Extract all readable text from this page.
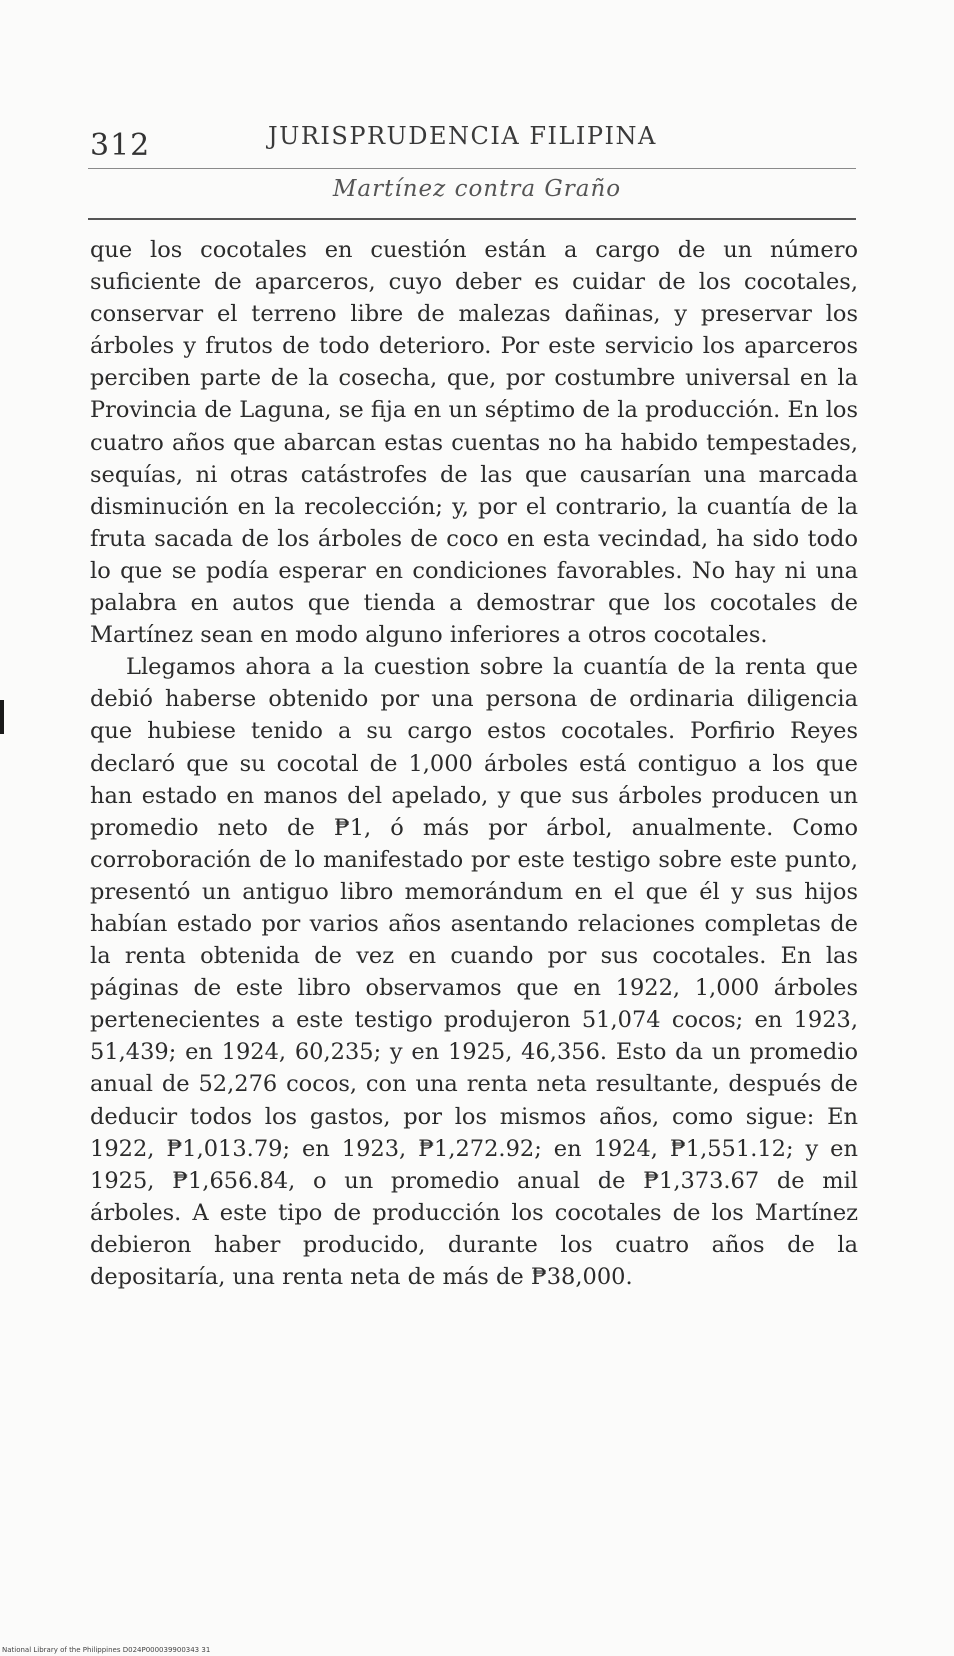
312	JURISPRUDENCIA FILIPINA
Martínez contra Graño

que los cocotales en cuestión están a cargo de un número suficiente de aparceros, cuyo deber es cuidar de los cocotales, conservar el terreno libre de malezas dañinas, y preservar los árboles y frutos de todo deterioro. Por este servicio los aparceros perciben parte de la cosecha, que, por costumbre universal en la Provincia de Laguna, se fija en un séptimo de la producción. En los cuatro años que abarcan estas cuentas no ha habido tempestades, sequías, ni otras catástrofes de las que causarían una marcada disminución en la recolección; y, por el contrario, la cuantía de la fruta sacada de los árboles de coco en esta vecindad, ha sido todo lo que se podía esperar en condiciones favorables. No hay ni una palabra en autos que tienda a demostrar que los cocotales de Martínez sean en modo alguno inferiores a otros cocotales.

Llegamos ahora a la cuestion sobre la cuantía de la renta que debió haberse obtenido por una persona de ordinaria diligencia que hubiese tenido a su cargo estos cocotales. Porfirio Reyes declaró que su cocotal de 1,000 árboles está contiguo a los que han estado en manos del apelado, y que sus árboles producen un promedio neto de ₱1, ó más por árbol, anualmente. Como corroboración de lo manifestado por este testigo sobre este punto, presentó un antiguo libro memorándum en el que él y sus hijos habían estado por varios años asentando relaciones completas de la renta obtenida de vez en cuando por sus cocotales. En las páginas de este libro observamos que en 1922, 1,000 árboles pertenecientes a este testigo produjeron 51,074 cocos; en 1923, 51,439; en 1924, 60,235; y en 1925, 46,356. Esto da un promedio anual de 52,276 cocos, con una renta neta resultante, después de deducir todos los gastos, por los mismos años, como sigue: En 1922, ₱1,013.79; en 1923, ₱1,272.92; en 1924, ₱1,551.12; y en 1925, ₱1,656.84, o un promedio anual de ₱1,373.67 de mil árboles. A este tipo de producción los cocotales de los Martínez debieron haber producido, durante los cuatro años de la depositaría, una renta neta de más de ₱38,000.

National Library of the Philippines D024P000039900343 31
